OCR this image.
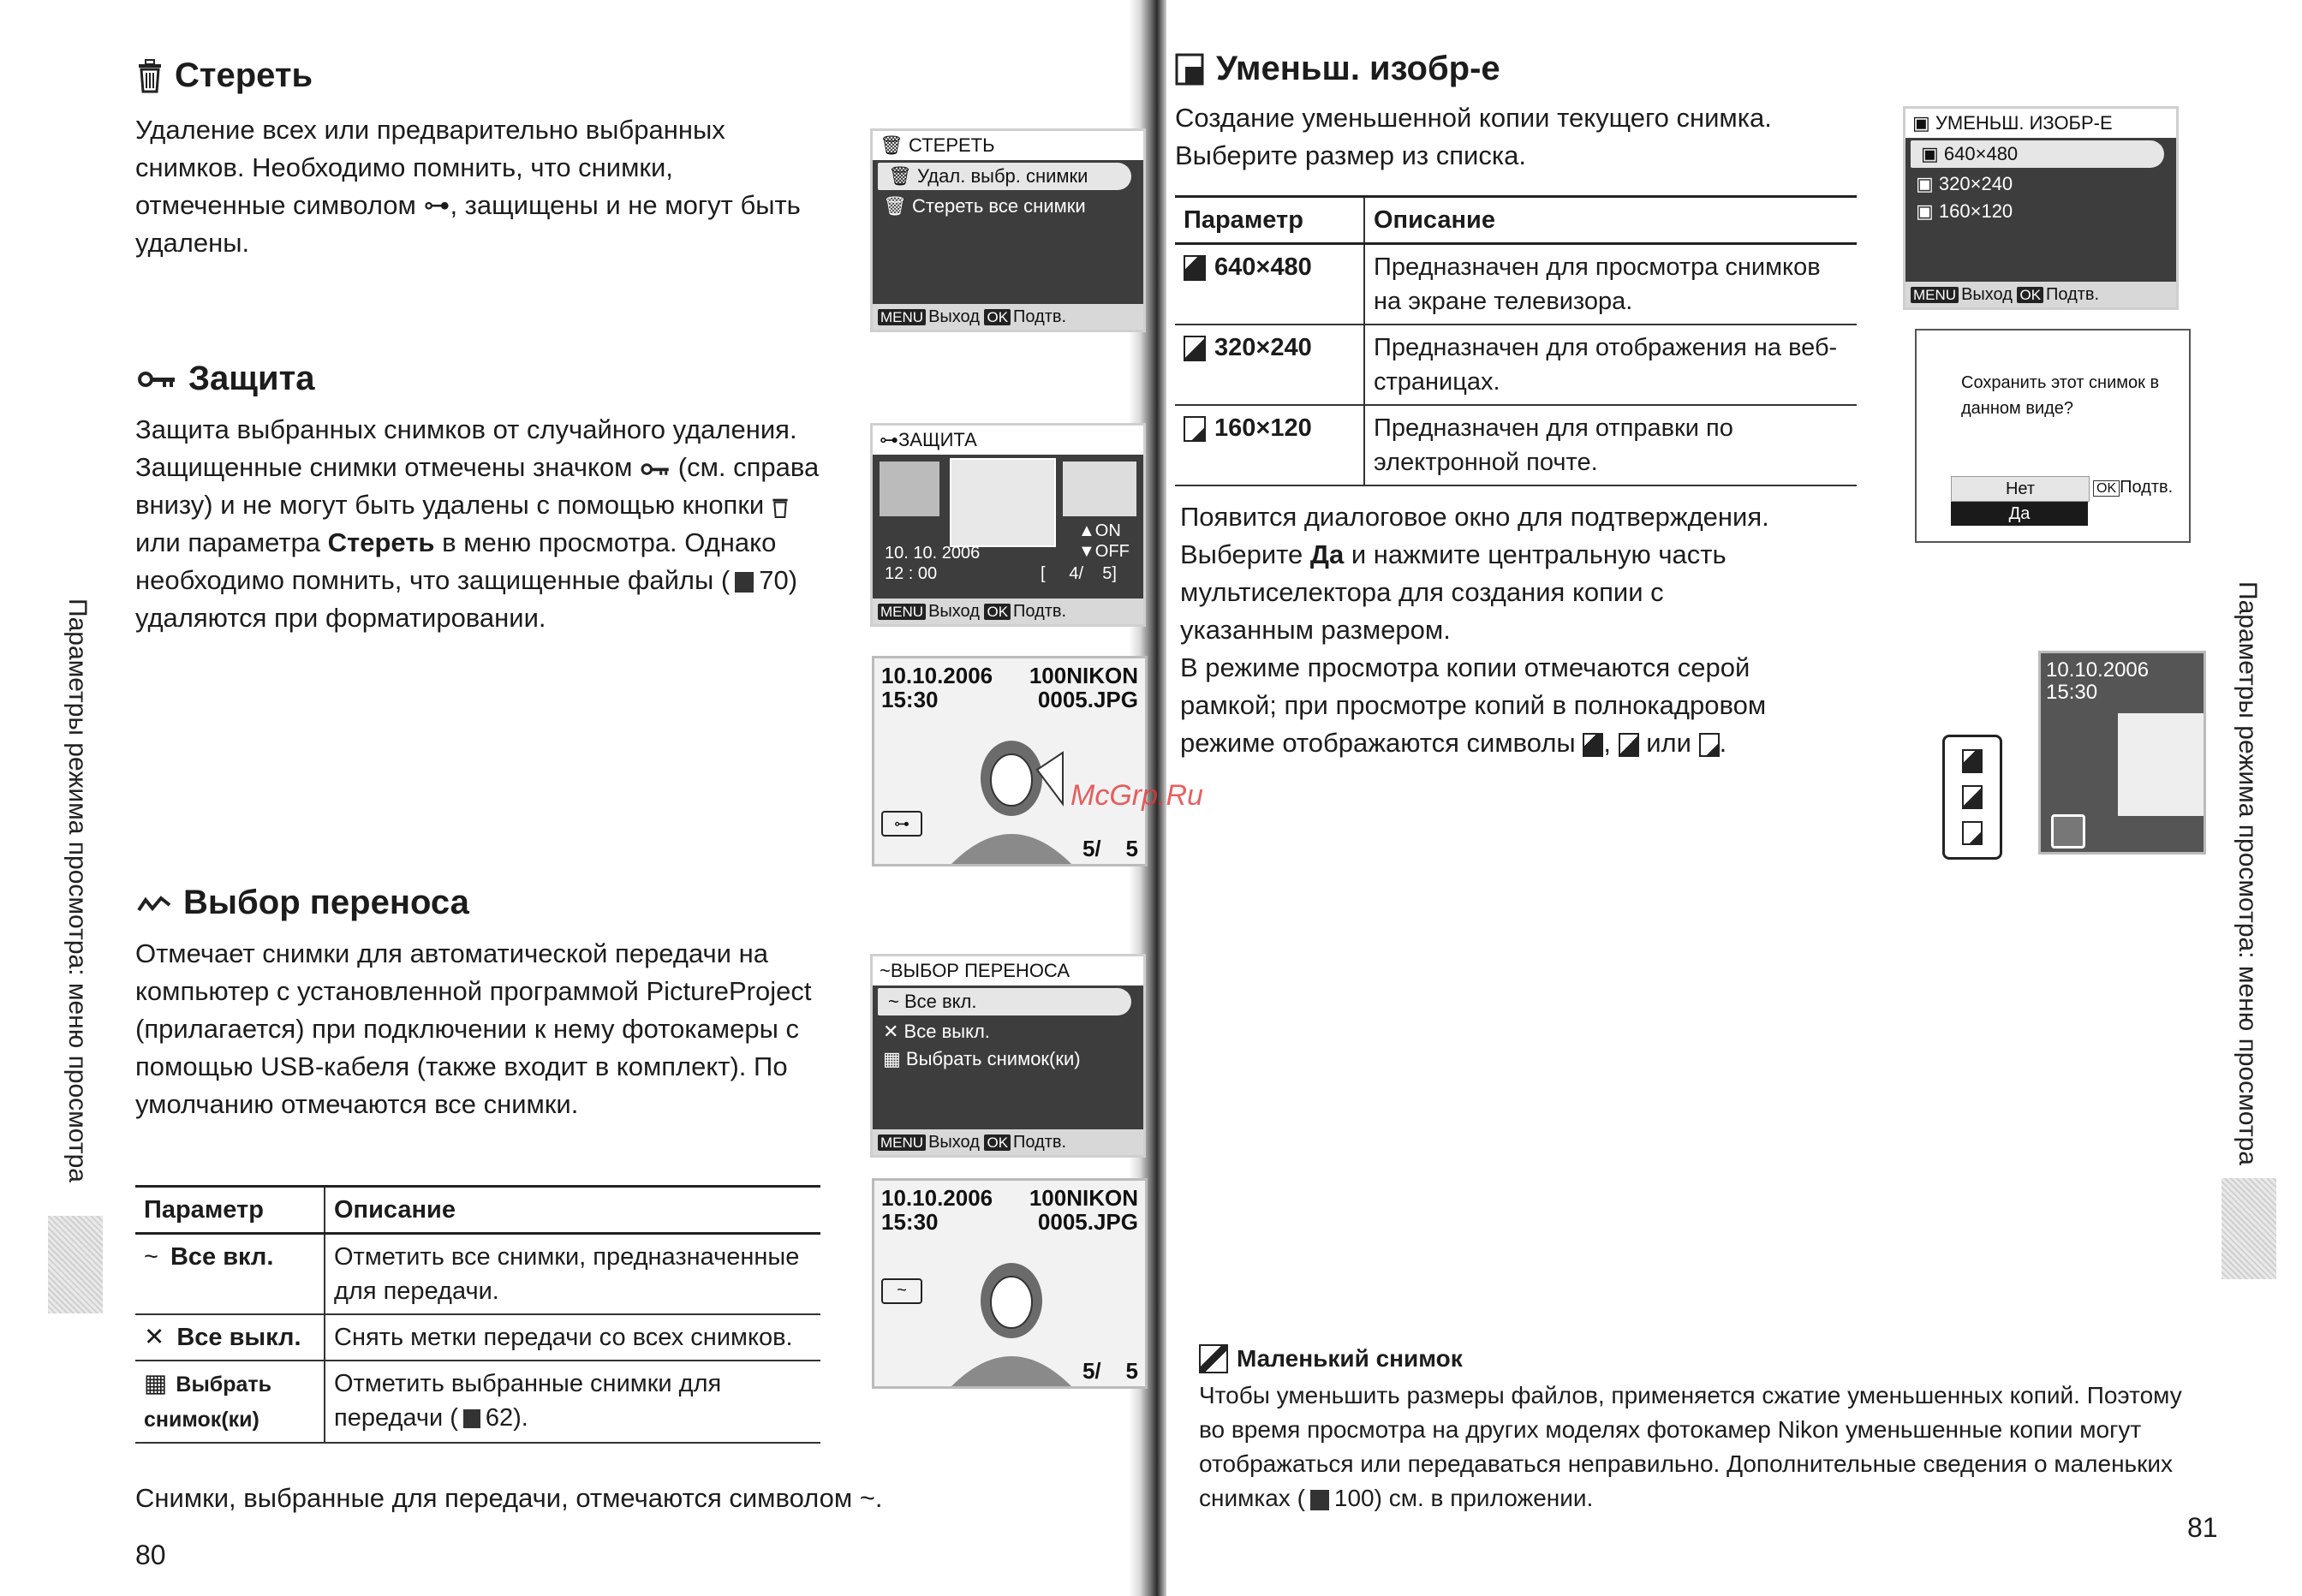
Стереть
Удаление всех или предварительно выбранных снимков. Необходимо помнить, что снимки, отмеченные символом ⊶, защищены и не могут быть удалены.
🗑 СТЕРЕТЬ
🗑 Удал. выбр. снимки
🗑 Стереть все снимки
MENU Выход OK Подтв.
Защита
Защита выбранных снимков от случайного удаления. Защищенные снимки отмечены значком (см. справа внизу) и не могут быть удалены с помощью кнопки  или параметра Стереть в меню просмотра. Однако необходимо помнить, что защищенные файлы ( 70) удаляются при форматировании.
⊶ЗАЩИТА
▲ON
▼OFF
10. 10. 2006
12 : 00	[     4/    5]
MENU Выход OK Подтв.
10.10.2006
15:30
100NIKON
0005.JPG
⊶
5/    5
Выбор переноса
Отмечает снимки для автоматической передачи на компьютер с установленной программой PictureProject (прилагается) при подключении к нему фотокамеры с помощью USB-кабеля (также входит в комплект). По умолчанию отмечаются все снимки.
~ВЫБОР ПЕРЕНОСА
~ Все вкл.
✕ Все выкл.
▦ Выбрать снимок(ки)
MENU Выход OK Подтв.
10.10.2006
15:30
100NIKON
0005.JPG
~
5/    5
Параметр	Описание
~ Все вкл.	Отметить все снимки, предназначенные для передачи.
✕ Все выкл.	Снять метки передачи со всех снимков.
▦ Выбрать снимок(ки)	Отметить выбранные снимки для передачи ( 62).
Снимки, выбранные для передачи, отмечаются символом ~.
Параметры режима просмотра: меню просмотра
80
Уменьш. изобр-е
Создание уменьшенной копии текущего снимка. Выберите размер из списка.
Параметр	Описание
640×480	Предназначен для просмотра снимков на экране телевизора.
320×240	Предназначен для отображения на веб-страницах.
160×120	Предназначен для отправки по электронной почте.
Появится диалоговое окно для подтверждения. Выберите Да и нажмите центральную часть мультиселектора для создания копии с указанным размером.
В режиме просмотра копии отмечаются серой рамкой; при просмотре копий в полнокадровом режиме отображаются символы ,  или .
▣ УМЕНЬШ. ИЗОБР-Е
▣ 640×480
▣ 320×240
▣ 160×120
MENU Выход OK Подтв.
Сохранить этот снимок в данном виде?
Нет
Да
OK Подтв.
10.10.2006
15:30
Маленький снимок
Чтобы уменьшить размеры файлов, применяется сжатие уменьшенных копий. Поэтому во время просмотра на других моделях фотокамер Nikon уменьшенные копии могут отображаться или передаваться неправильно. Дополнительные сведения о маленьких снимках ( 100) см. в приложении.
Параметры режима просмотра: меню просмотра
81
McGrp.Ru
